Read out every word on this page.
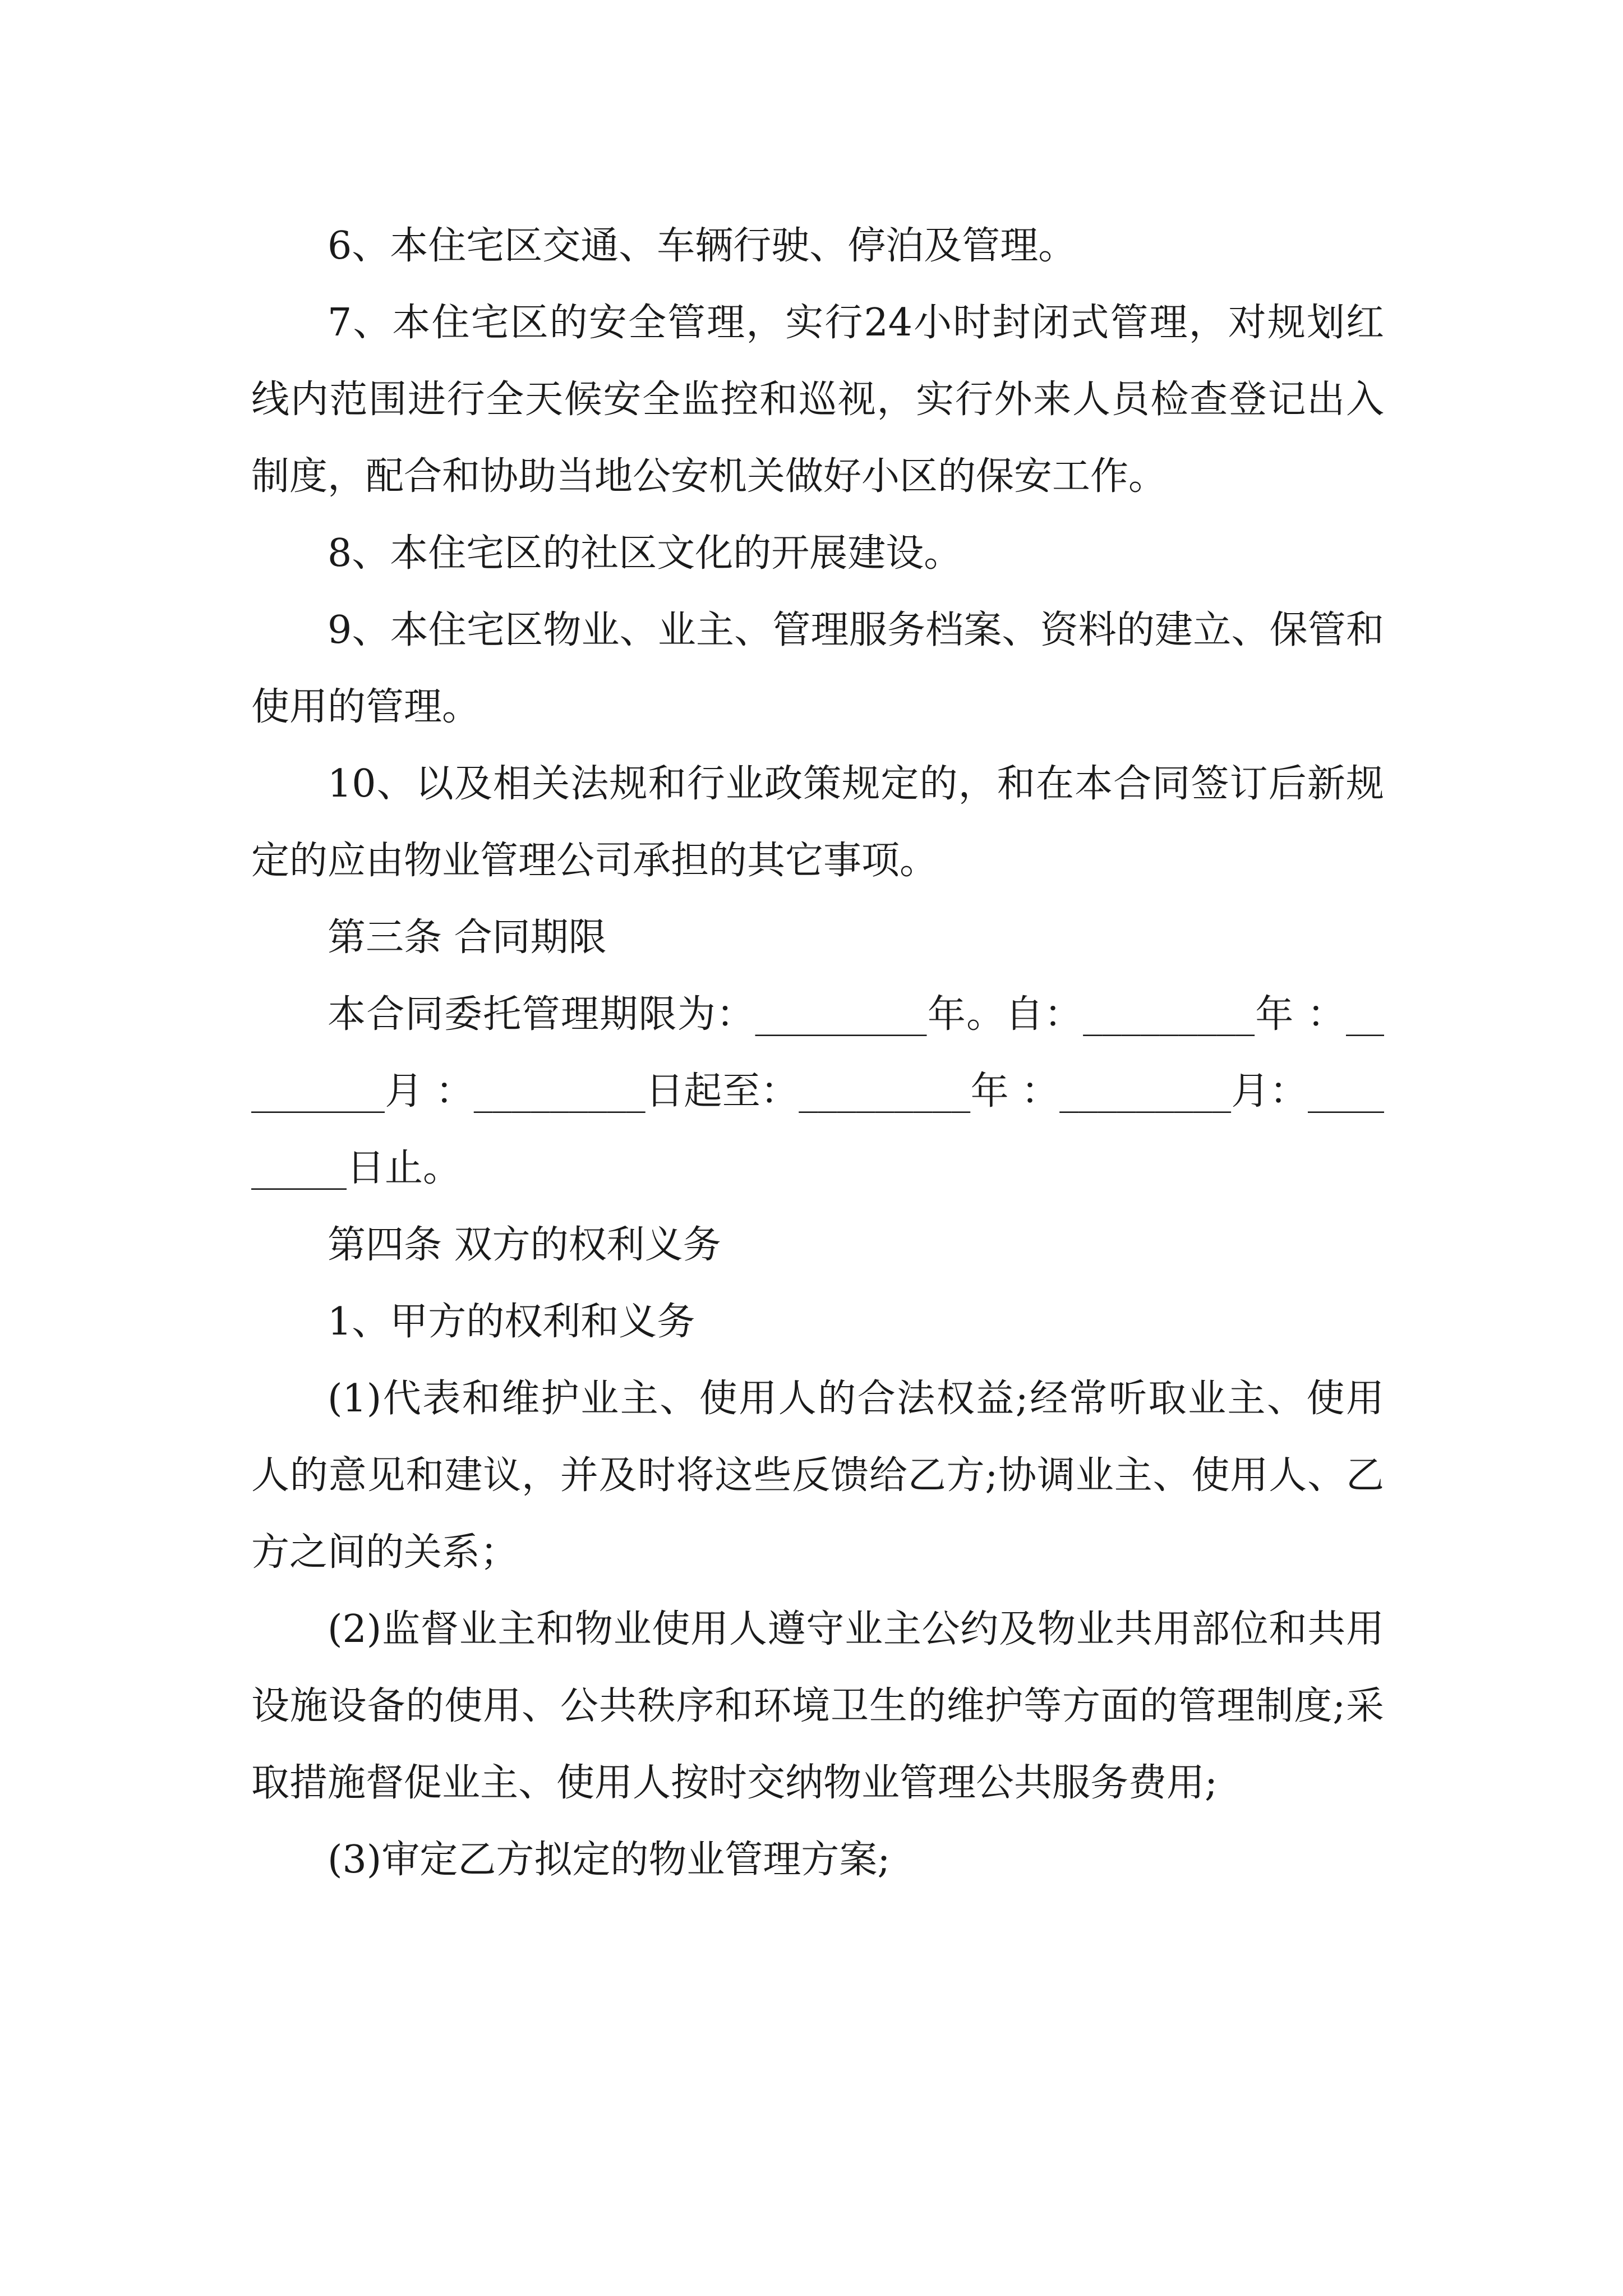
6、本住宅区交通、车辆行驶、停泊及管理。

7、本住宅区的安全管理，实行24小时封闭式管理，对规划红线内范围进行全天候安全监控和巡视，实行外来人员检查登记出入制度，配合和协助当地公安机关做好小区的保安工作。

8、本住宅区的社区文化的开展建设。

9、本住宅区物业、业主、管理服务档案、资料的建立、保管和使用的管理。

10、以及相关法规和行业政策规定的，和在本合同签订后新规定的应由物业管理公司承担的其它事项。

第三条 合同期限

本合同委托管理期限为：_________年。自：_________年 ：_________月 ：_________日起至：_________年 ：_________月：_________日止。

第四条 双方的权利义务

1、甲方的权利和义务

(1)代表和维护业主、使用人的合法权益;经常听取业主、使用人的意见和建议，并及时将这些反馈给乙方;协调业主、使用人、乙方之间的关系；

(2)监督业主和物业使用人遵守业主公约及物业共用部位和共用设施设备的使用、公共秩序和环境卫生的维护等方面的管理制度;采取措施督促业主、使用人按时交纳物业管理公共服务费用;

(3)审定乙方拟定的物业管理方案;
